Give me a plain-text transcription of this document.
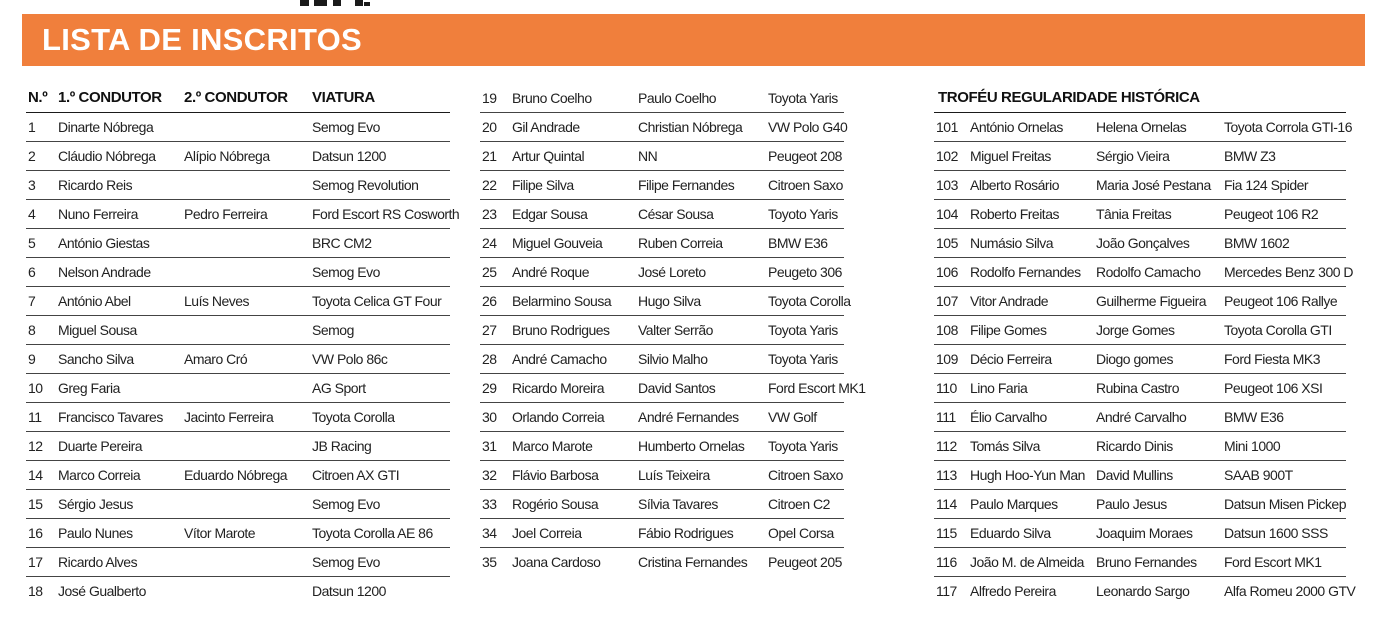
LISTA DE INSCRITOS
N.º	1.º CONDUTOR	2.º CONDUTOR	VIATURA
1	Dinarte Nóbrega		Semog Evo
2	Cláudio Nóbrega	Alípio Nóbrega	Datsun 1200
3	Ricardo Reis		Semog Revolution
4	Nuno Ferreira	Pedro Ferreira	Ford Escort RS Cosworth
5	António Giestas		BRC CM2
6	Nelson Andrade		Semog Evo
7	António Abel	Luís Neves	Toyota Celica GT Four
8	Miguel Sousa		Semog
9	Sancho Silva	Amaro Cró	VW Polo 86c
10	Greg Faria		AG Sport
11	Francisco Tavares	Jacinto Ferreira	Toyota Corolla
12	Duarte Pereira		JB Racing
14	Marco Correia	Eduardo Nóbrega	Citroen AX GTI
15	Sérgio Jesus		Semog Evo
16	Paulo Nunes	Vítor Marote	Toyota Corolla AE 86
17	Ricardo Alves		Semog Evo
18	José Gualberto		Datsun 1200
19	Bruno Coelho	Paulo Coelho	Toyota Yaris
20	Gil Andrade	Christian Nóbrega	VW Polo G40
21	Artur Quintal	NN	Peugeot 208
22	Filipe Silva	Filipe Fernandes	Citroen Saxo
23	Edgar Sousa	César Sousa	Toyoto Yaris
24	Miguel Gouveia	Ruben Correia	BMW E36
25	André Roque	José Loreto	Peugeto 306
26	Belarmino Sousa	Hugo Silva	Toyota Corolla
27	Bruno Rodrigues	Valter Serrão	Toyota Yaris
28	André Camacho	Silvio Malho	Toyota Yaris
29	Ricardo Moreira	David Santos	Ford Escort MK1
30	Orlando Correia	André Fernandes	VW Golf
31	Marco Marote	Humberto Ornelas	Toyota Yaris
32	Flávio Barbosa	Luís Teixeira	Citroen Saxo
33	Rogério Sousa	Sílvia Tavares	Citroen C2
34	Joel Correia	Fábio Rodrigues	Opel Corsa
35	Joana Cardoso	Cristina Fernandes	Peugeot 205
TROFÉU REGULARIDADE HISTÓRICA
101	António Ornelas	Helena Ornelas	Toyota Corrola GTI-16
102	Miguel Freitas	Sérgio Vieira	BMW Z3
103	Alberto Rosário	Maria José Pestana	Fia 124 Spider
104	Roberto Freitas	Tânia Freitas	Peugeot 106 R2
105	Numásio Silva	João Gonçalves	BMW 1602
106	Rodolfo Fernandes	Rodolfo Camacho	Mercedes Benz 300 D
107	Vitor Andrade	Guilherme Figueira	Peugeot 106 Rallye
108	Filipe Gomes	Jorge Gomes	Toyota Corolla GTI
109	Décio Ferreira	Diogo gomes	Ford Fiesta MK3
110	Lino Faria	Rubina Castro	Peugeot 106 XSI
111	Élio Carvalho	André Carvalho	BMW E36
112	Tomás Silva	Ricardo Dinis	Mini 1000
113	Hugh Hoo-Yun Man	David Mullins	SAAB 900T
114	Paulo Marques	Paulo Jesus	Datsun Misen Pickep
115	Eduardo Silva	Joaquim Moraes	Datsun 1600 SSS
116	João M. de Almeida	Bruno Fernandes	Ford Escort MK1
117	Alfredo Pereira	Leonardo Sargo	Alfa Romeu 2000 GTV
